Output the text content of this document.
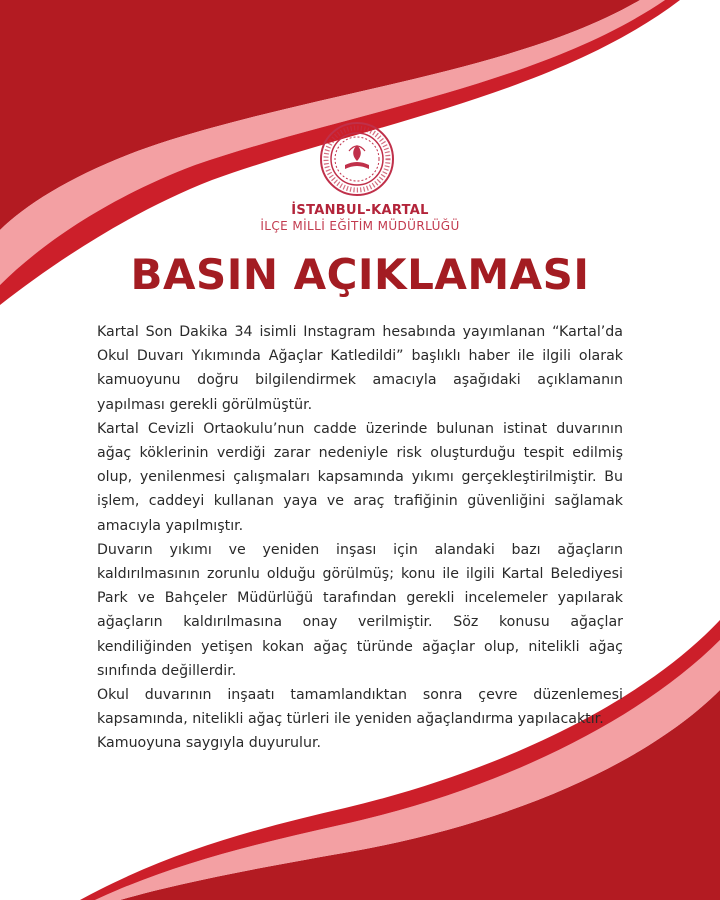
İSTANBUL-KARTAL
İLÇE MİLLİ EĞİTİM MÜDÜRLÜĞÜ
BASIN AÇIKLAMASI

Kartal Son Dakika 34 isimli Instagram hesabında yayımlanan “Kartal’da Okul Duvarı Yıkımında Ağaçlar Katledildi” başlıklı haber ile ilgili olarak kamuoyunu doğru bilgilendirmek amacıyla aşağıdaki açıklamanın yapılması gerekli görülmüştür.

Kartal Cevizli Ortaokulu’nun cadde üzerinde bulunan istinat duvarının ağaç köklerinin verdiği zarar nedeniyle risk oluşturduğu tespit edilmiş olup, yenilenmesi çalışmaları kapsamında yıkımı gerçekleştirilmiştir. Bu işlem, caddeyi kullanan yaya ve araç trafiğinin güvenliğini sağlamak amacıyla yapılmıştır.

Duvarın yıkımı ve yeniden inşası için alandaki bazı ağaçların kaldırılmasının zorunlu olduğu görülmüş; konu ile ilgili Kartal Belediyesi Park ve Bahçeler Müdürlüğü tarafından gerekli incelemeler yapılarak ağaçların kaldırılmasına onay verilmiştir. Söz konusu ağaçlar kendiliğinden yetişen kokan ağaç türünde ağaçlar olup, nitelikli ağaç sınıfında değillerdir.

Okul duvarının inşaatı tamamlandıktan sonra çevre düzenlemesi kapsamında, nitelikli ağaç türleri ile yeniden ağaçlandırma yapılacaktır.

Kamuoyuna saygıyla duyurulur.
